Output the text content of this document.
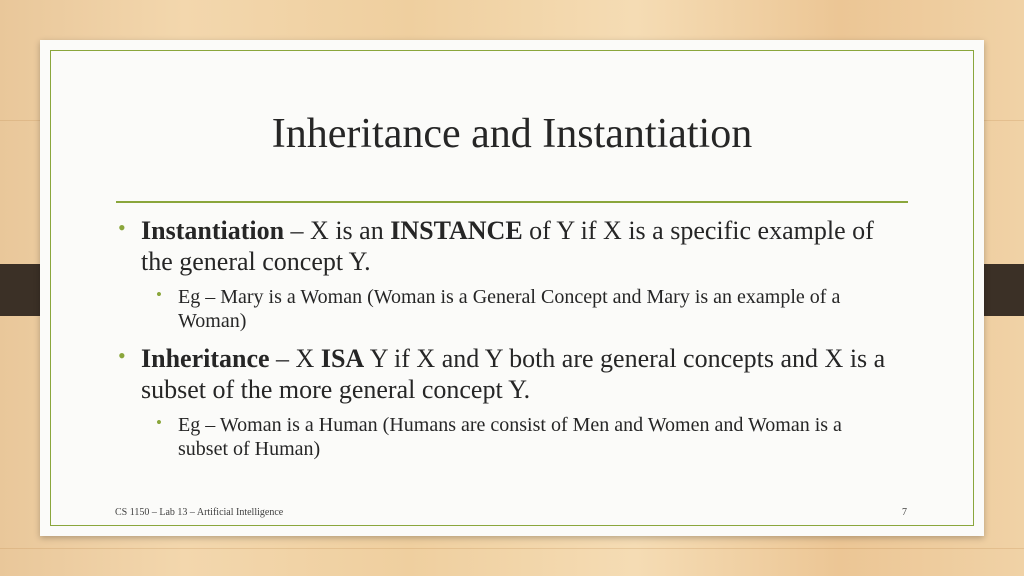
Inheritance and Instantiation
• Instantiation – X is an INSTANCE of Y if X is a specific example of the general concept Y.
• Eg – Mary is a Woman (Woman is a General Concept and Mary is an example of a Woman)
• Inheritance – X ISA Y if X and Y both are general concepts and X is a subset of the more general concept Y.
• Eg – Woman is a Human (Humans are consist of Men and Women and Woman is a subset of Human)
CS 1150 – Lab 13 – Artificial Intelligence	7
